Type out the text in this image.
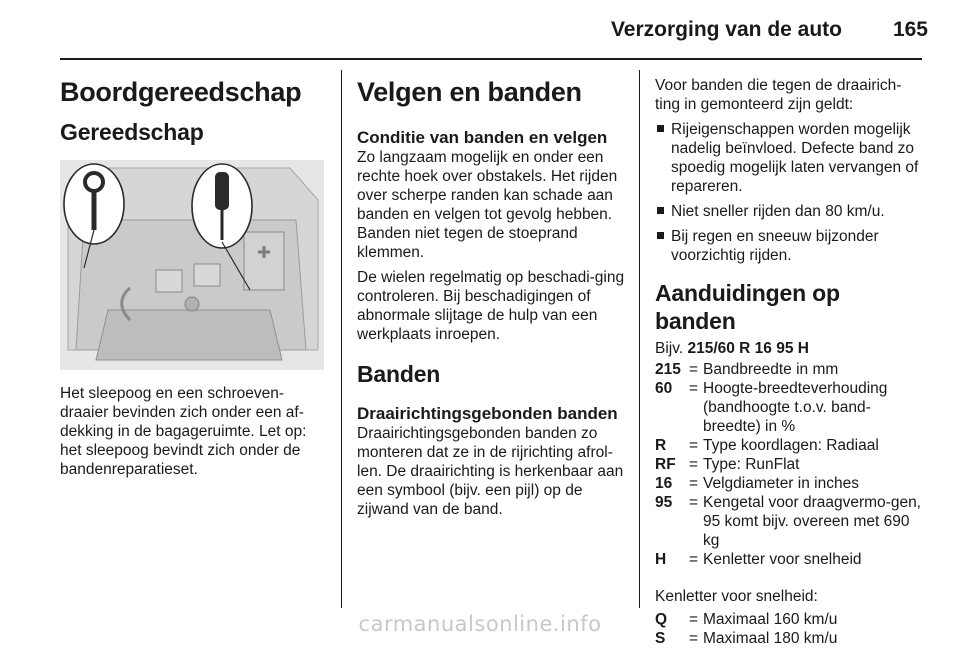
Verzorging van de auto	165
Boordgereedschap
Gereedschap
Het sleepoog en een schroeven-draaier bevinden zich onder een af-dekking in de bagageruimte. Let op: het sleepoog bevindt zich onder de bandenreparatieset.
Velgen en banden
Conditie van banden en velgen
Zo langzaam mogelijk en onder een rechte hoek over obstakels. Het rijden over scherpe randen kan schade aan banden en velgen tot gevolg hebben. Banden niet tegen de stoeprand klemmen.
De wielen regelmatig op beschadi-ging controleren. Bij beschadigingen of abnormale slijtage de hulp van een werkplaats inroepen.
Banden
Draairichtingsgebonden banden
Draairichtingsgebonden banden zo monteren dat ze in de rijrichting afrol-len. De draairichting is herkenbaar aan een symbool (bijv. een pijl) op de zijwand van de band.
Voor banden die tegen de draairich-ting in gemonteerd zijn geldt:
Rijeigenschappen worden mogelijk nadelig beïnvloed. Defecte band zo spoedig mogelijk laten vervangen of repareren.
Niet sneller rijden dan 80 km/u.
Bij regen en sneeuw bijzonder voorzichtig rijden.
Aanduidingen op banden
Bijv. 215/60 R 16 95 H
215 = Bandbreedte in mm
60	= Hoogte-breedteverhouding (bandhoogte t.o.v. band-breedte) in %
R	= Type koordlagen: Radiaal
RF = Type: RunFlat
16	= Velgdiameter in inches
95	= Kengetal voor draagvermo-gen, 95 komt bijv. overeen met 690 kg
H	= Kenletter voor snelheid
Kenletter voor snelheid:
Q	= Maximaal 160 km/u
S	= Maximaal 180 km/u
carmanualsonline.info
